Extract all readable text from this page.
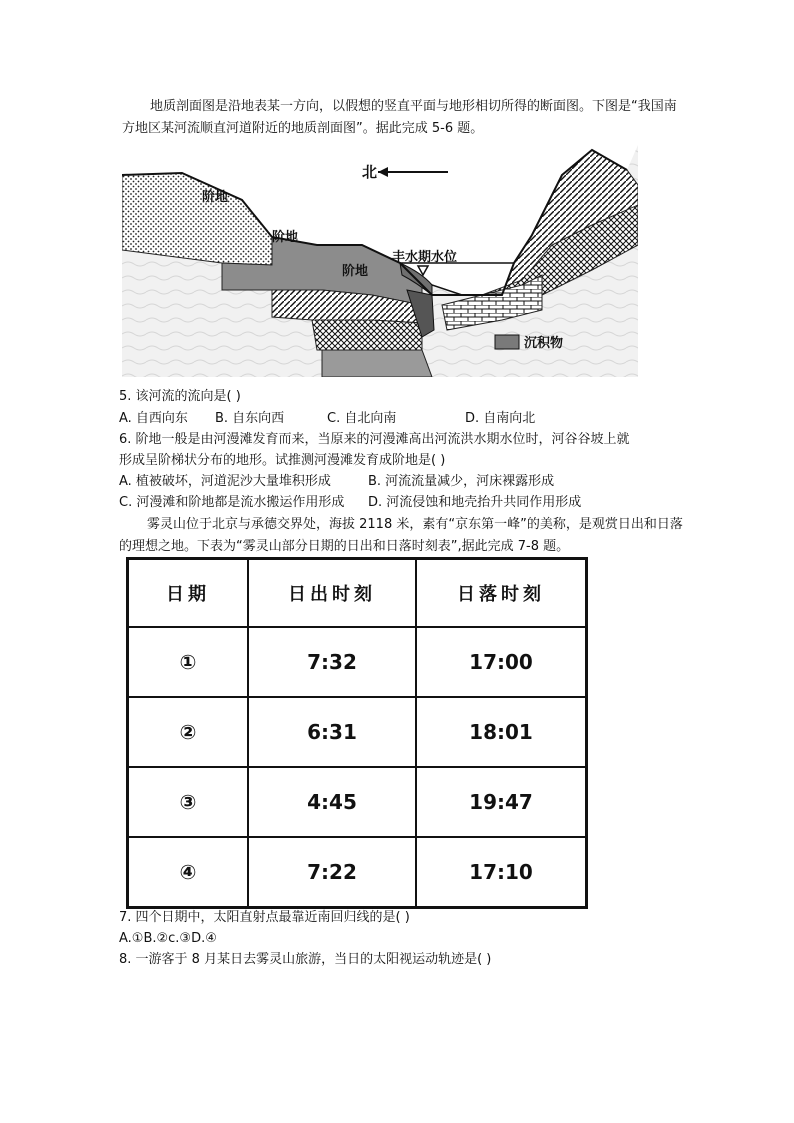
地质剖面图是沿地表某一方向，以假想的竖直平面与地形相切所得的断面图。下图是“我国南方地区某河流顺直河道附近的地质剖面图”。据此完成 5-6 题。

北
阶地
阶地
阶地
丰水期水位
沉积物
5. 该河流的流向是( )
A. 自西向东 B. 自东向西	C. 自北向南	D. 自南向北
6. 阶地一般是由河漫滩发育而来，当原来的河漫滩高出河流洪水期水位时，河谷谷坡上就
形成呈阶梯状分布的地形。试推测河漫滩发育成阶地是( )
A. 植被破坏，河道泥沙大量堆积形成	B. 河流流量减少，河床裸露形成
C. 河漫滩和阶地都是流水搬运作用形成 D. 河流侵蚀和地壳抬升共同作用形成

雾灵山位于北京与承德交界处，海拔 2118 米，素有“京东第一峰”的美称，是观赏日出和日落的理想之地。下表为“雾灵山部分日期的日出和日落时刻表”,据此完成 7-8 题。

日期	日出时刻	日落时刻
①	7:32	17:00
②	6:31	18:01
③	4:45	19:47
④	7:22	17:10
7. 四个日期中，太阳直射点最靠近南回归线的是( )
A.①B.②c.③D.④
8. 一游客于 8 月某日去雾灵山旅游，当日的太阳视运动轨迹是( )
